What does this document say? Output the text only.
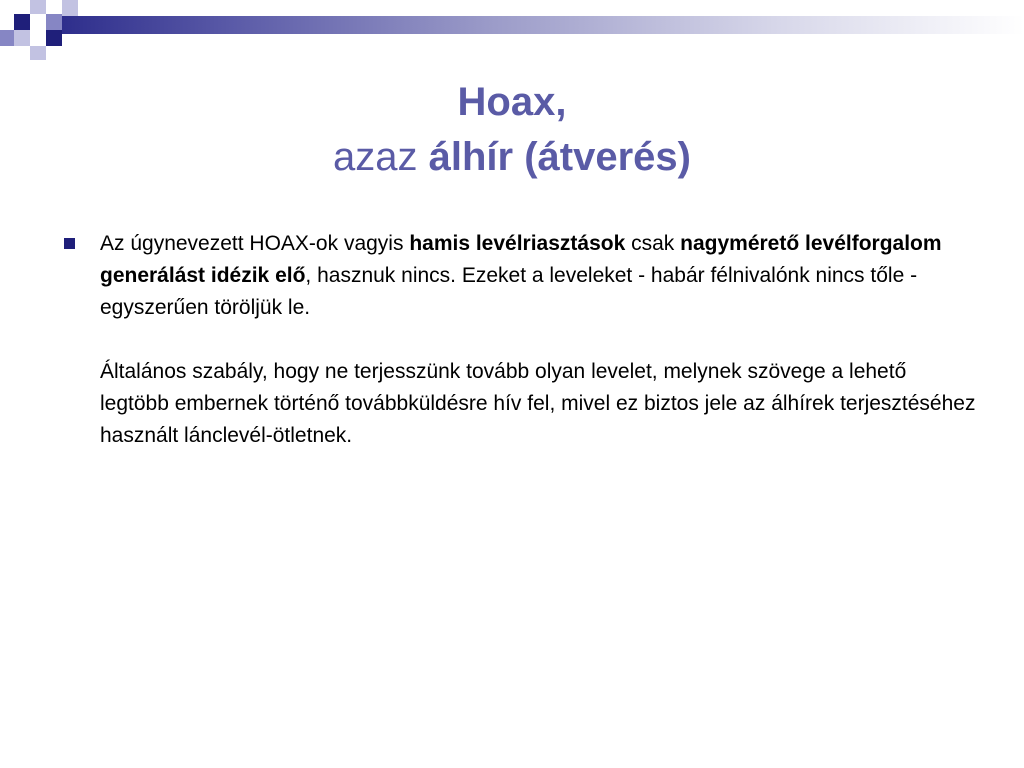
Hoax,
azaz álhír (átverés)

Az úgynevezett HOAX-ok vagyis hamis levélriasztások csak nagymérető levélforgalom generálást idézik elő, hasznuk nincs. Ezeket a leveleket - habár félnivalónk nincs tőle - egyszerűen töröljük le.

Általános szabály, hogy ne terjesszünk tovább olyan levelet, melynek szövege a lehető legtöbb embernek történő továbbküldésre hív fel, mivel ez biztos jele az álhírek terjesztéséhez használt lánclevél-ötletnek.
